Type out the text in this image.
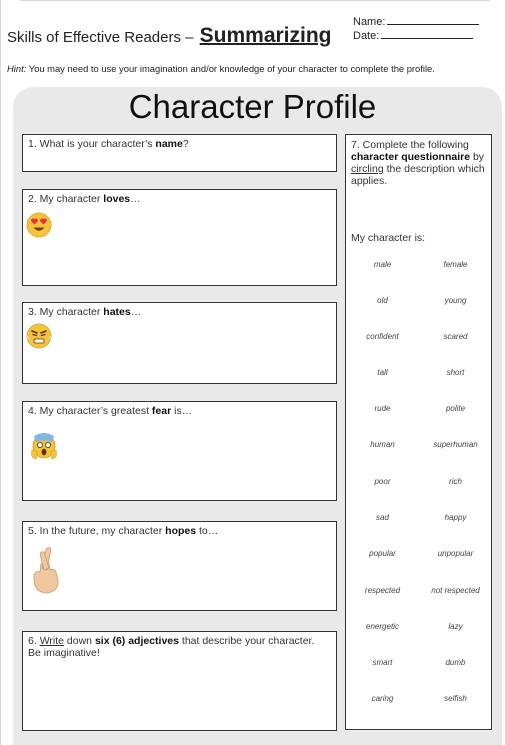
Skills of Effective Readers – Summarizing
Name:
Date:
Hint: You may need to use your imagination and/or knowledge of your character to complete the profile.
Character Profile
1. What is your character’s name?
2. My character loves…
3. My character hates…
4. My character’s greatest fear is…
5. In the future, my character hopes to…
6. Write down six (6) adjectives that describe your character. Be imaginative!
7. Complete the following character questionnaire by circling the description which applies.
My character is:
male	female
old	young
confident	scared
tall	short
rude	polite
human	superhuman
poor	rich
sad	happy
popular	unpopular
respected	not respected
energetic	lazy
smart	dumb
caring	selfish
